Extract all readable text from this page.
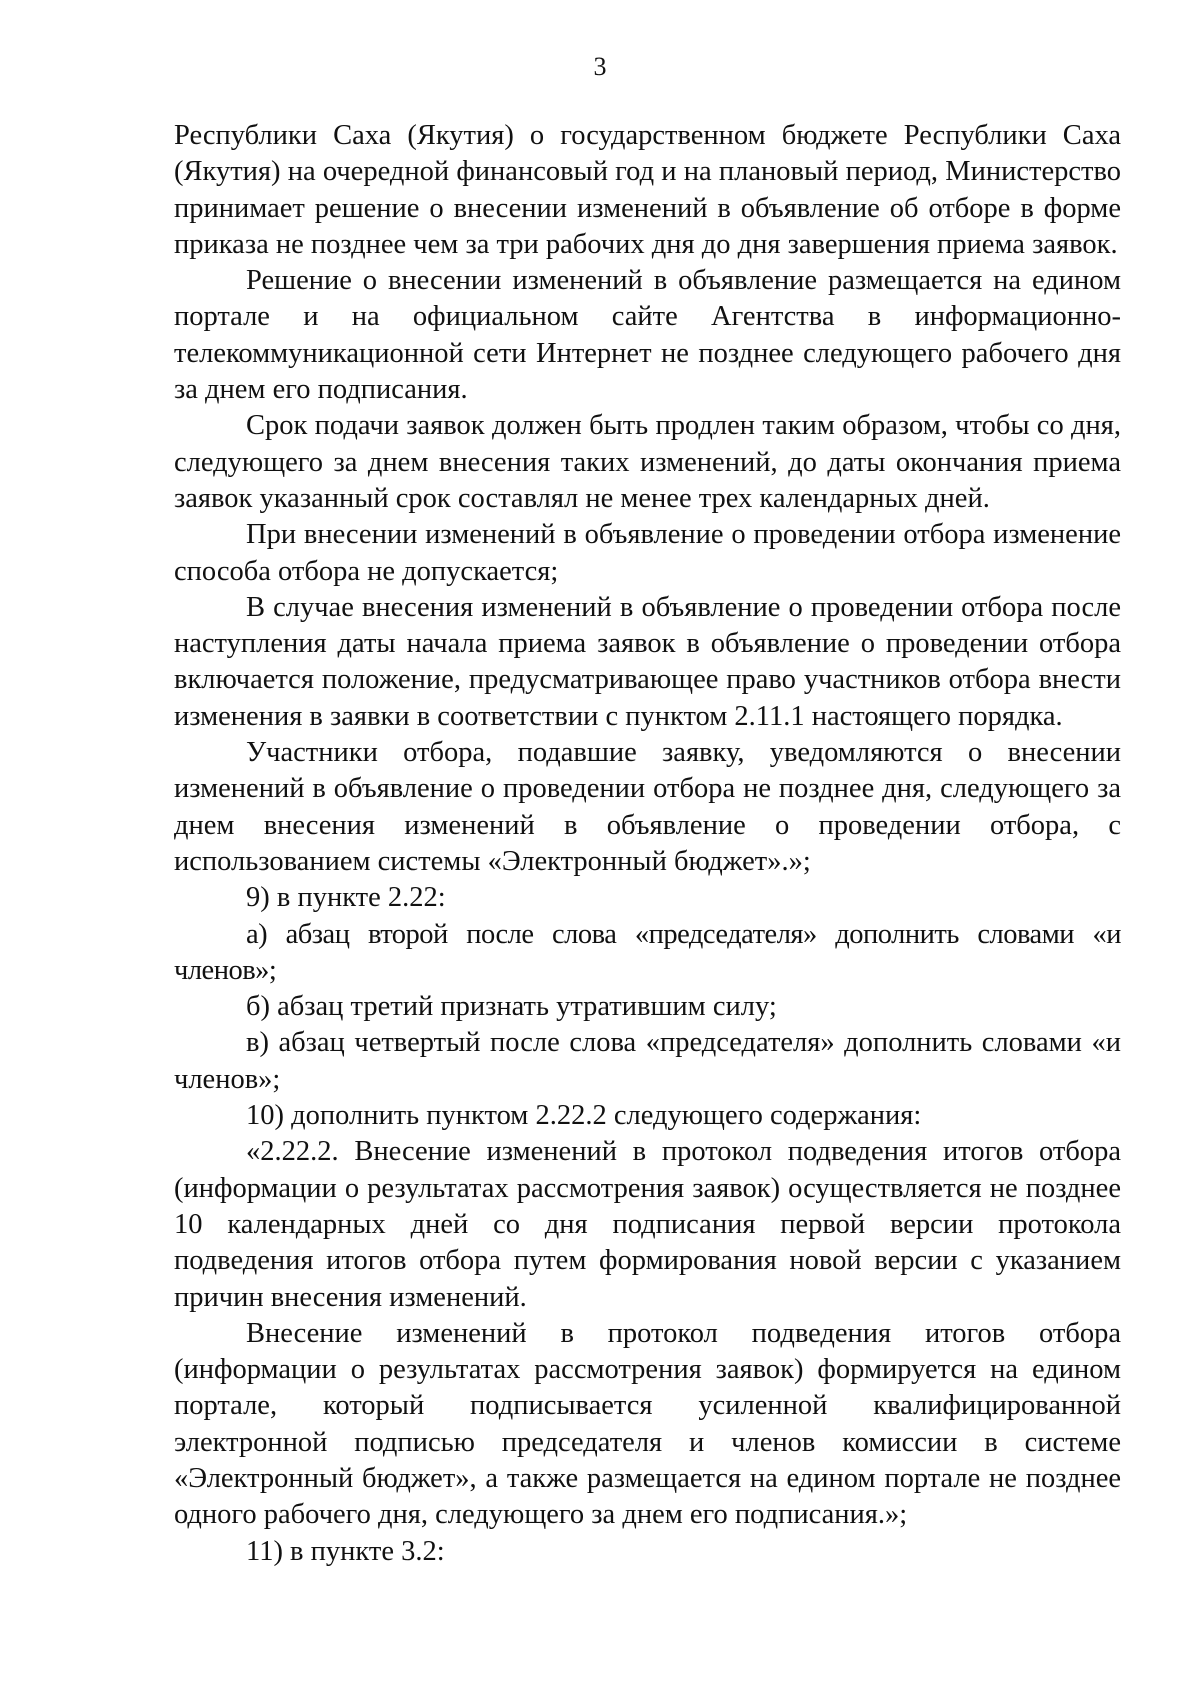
3

Республики Саха (Якутия) о государственном бюджете Республики Саха (Якутия) на очередной финансовый год и на плановый период, Министерство принимает решение о внесении изменений в объявление об отборе в форме приказа не позднее чем за три рабочих дня до дня завершения приема заявок.

Решение о внесении изменений в объявление размещается на едином портале и на официальном сайте Агентства в информационно-телекоммуникационной сети Интернет не позднее следующего рабочего дня за днем его подписания.

Срок подачи заявок должен быть продлен таким образом, чтобы со дня, следующего за днем внесения таких изменений, до даты окончания приема заявок указанный срок составлял не менее трех календарных дней.

При внесении изменений в объявление о проведении отбора изменение способа отбора не допускается;

В случае внесения изменений в объявление о проведении отбора после наступления даты начала приема заявок в объявление о проведении отбора включается положение, предусматривающее право участников отбора внести изменения в заявки в соответствии с пунктом 2.11.1 настоящего порядка.

Участники отбора, подавшие заявку, уведомляются о внесении изменений в объявление о проведении отбора не позднее дня, следующего за днем внесения изменений в объявление о проведении отбора, с использованием системы «Электронный бюджет».»;

9) в пункте 2.22:

а) абзац второй после слова «председателя» дополнить словами «и членов»;

б) абзац третий признать утратившим силу;

в) абзац четвертый после слова «председателя» дополнить словами «и членов»;

10) дополнить пунктом 2.22.2 следующего содержания:

«2.22.2. Внесение изменений в протокол подведения итогов отбора (информации о результатах рассмотрения заявок) осуществляется не позднее 10 календарных дней со дня подписания первой версии протокола подведения итогов отбора путем формирования новой версии с указанием причин внесения изменений.

Внесение изменений в протокол подведения итогов отбора (информации о результатах рассмотрения заявок) формируется на едином портале, который подписывается усиленной квалифицированной электронной подписью председателя и членов комиссии в системе «Электронный бюджет», а также размещается на едином портале не позднее одного рабочего дня, следующего за днем его подписания.»;

11) в пункте 3.2:
